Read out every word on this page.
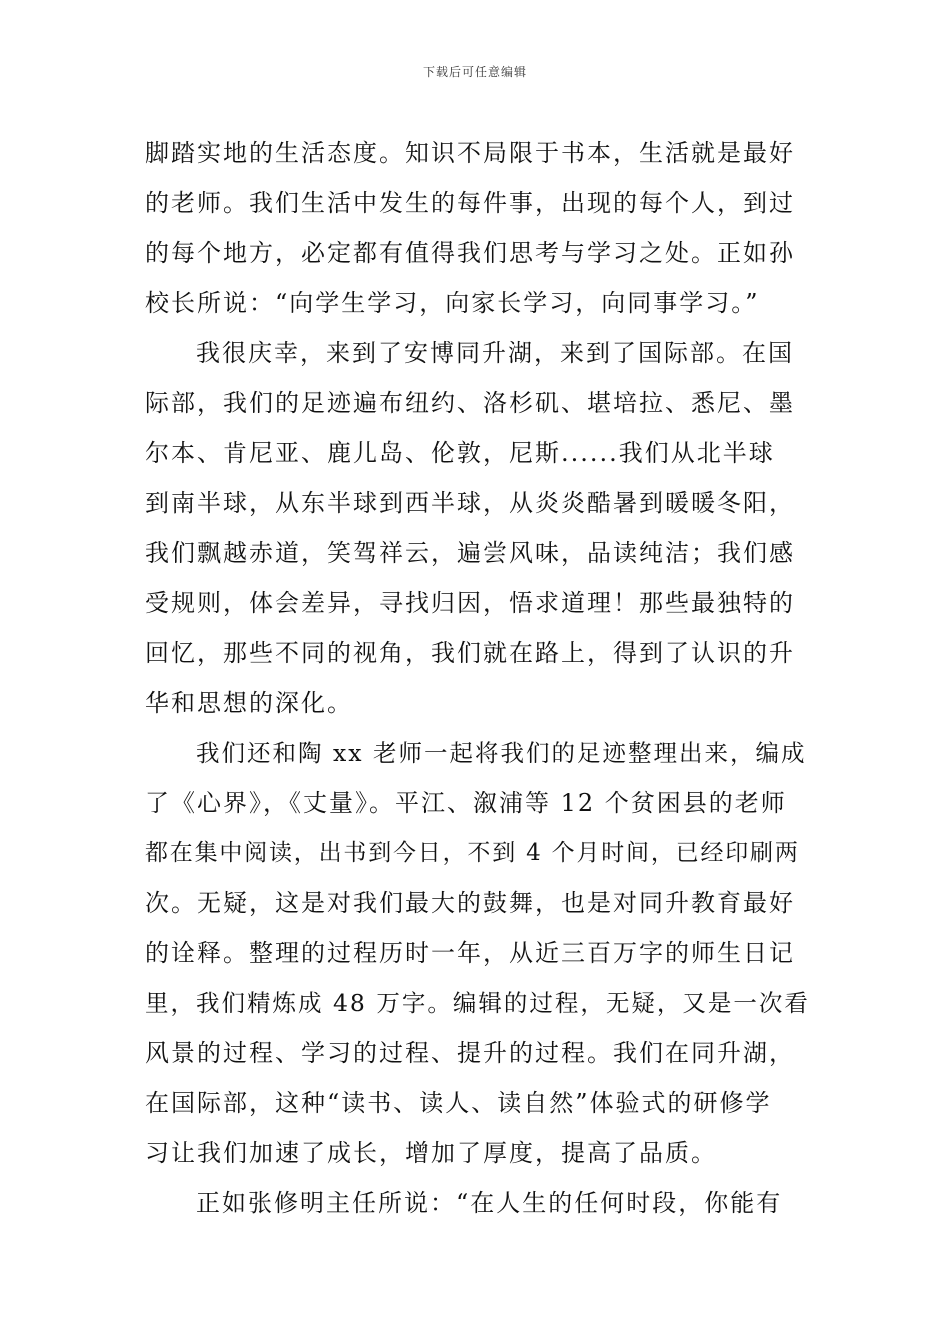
下载后可任意编辑
脚踏实地的生活态度。知识不局限于书本，生活就是最好
的老师。我们生活中发生的每件事，出现的每个人，到过
的每个地方，必定都有值得我们思考与学习之处。正如孙
校长所说：“向学生学习，向家长学习，向同事学习。”
我很庆幸，来到了安博同升湖，来到了国际部。在国
际部，我们的足迹遍布纽约、洛杉矶、堪培拉、悉尼、墨
尔本、肯尼亚、鹿儿岛、伦敦，尼斯......我们从北半球
到南半球，从东半球到西半球，从炎炎酷暑到暖暖冬阳，
我们飘越赤道，笑驾祥云，遍尝风味，品读纯洁；我们感
受规则，体会差异，寻找归因，悟求道理！那些最独特的
回忆，那些不同的视角，我们就在路上，得到了认识的升
华和思想的深化。
我们还和陶 xx 老师一起将我们的足迹整理出来，编成
了《心界》，《丈量》。平江、溆浦等 12 个贫困县的老师
都在集中阅读，出书到今日，不到 4 个月时间，已经印刷两
次。无疑，这是对我们最大的鼓舞，也是对同升教育最好
的诠释。整理的过程历时一年，从近三百万字的师生日记
里，我们精炼成 48 万字。编辑的过程，无疑，又是一次看
风景的过程、学习的过程、提升的过程。我们在同升湖，
在国际部，这种“读书、读人、读自然”体验式的研修学
习让我们加速了成长，增加了厚度，提高了品质。
正如张修明主任所说：“在人生的任何时段，你能有
